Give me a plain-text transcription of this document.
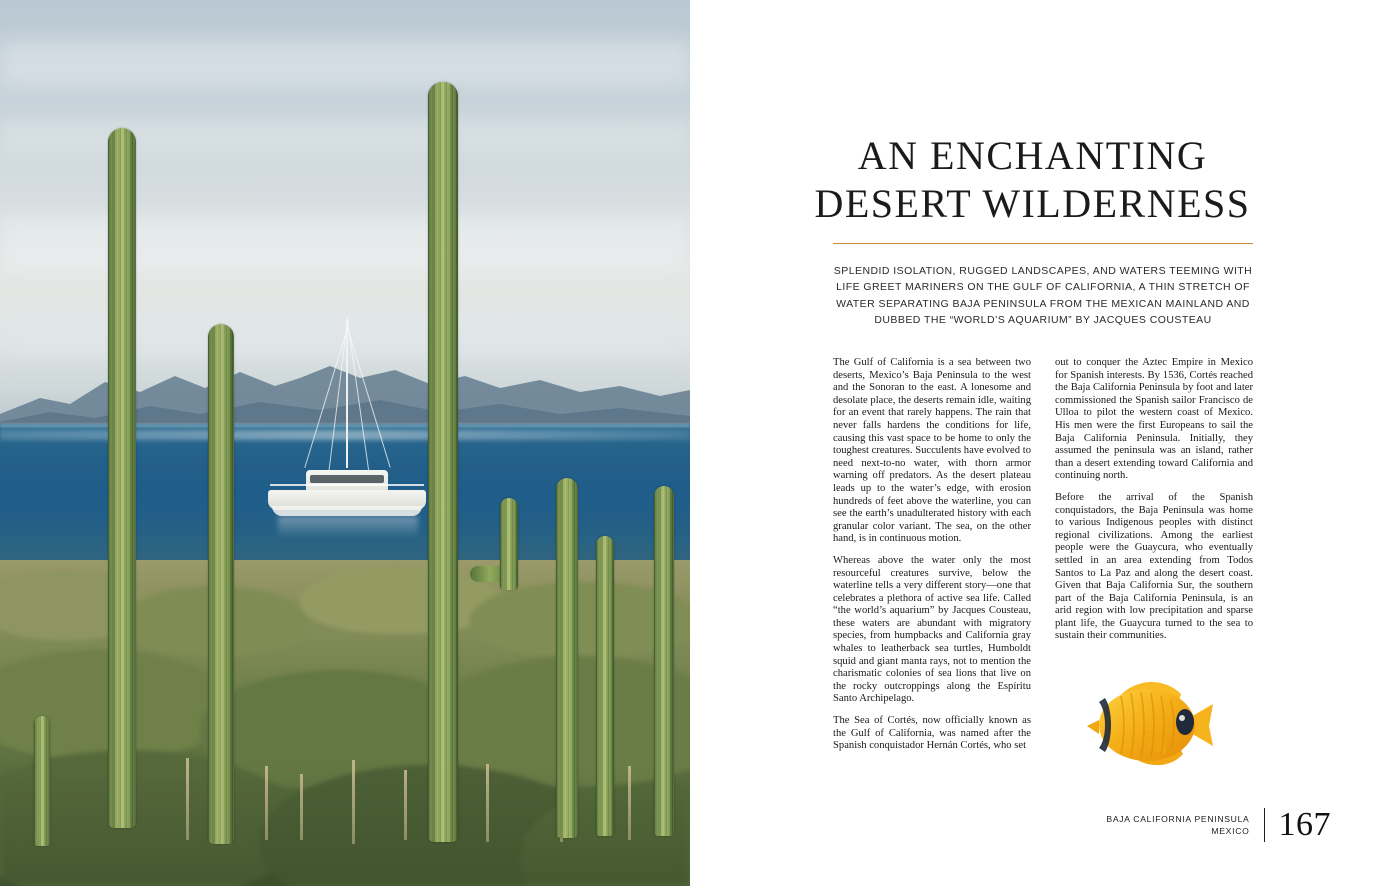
AN ENCHANTING
DESERT WILDERNESS
SPLENDID ISOLATION, RUGGED LANDSCAPES, AND WATERS TEEMING WITH LIFE GREET MARINERS ON THE GULF OF CALIFORNIA, A THIN STRETCH OF WATER SEPARATING BAJA PENINSULA FROM THE MEXICAN MAINLAND AND DUBBED THE “WORLD’S AQUARIUM” BY JACQUES COUSTEAU

The Gulf of California is a sea between two deserts, Mexico’s Baja Peninsula to the west and the Sonoran to the east. A lonesome and desolate place, the deserts remain idle, waiting for an event that rarely happens. The rain that never falls hardens the conditions for life, causing this vast space to be home to only the toughest creatures. Succulents have evolved to need next-to-no water, with thorn armor warning off predators. As the desert plateau leads up to the water’s edge, with erosion hundreds of feet above the waterline, you can see the earth’s unadulterated history with each granular color variant. The sea, on the other hand, is in continuous motion.

Whereas above the water only the most resourceful creatures survive, below the waterline tells a very different story—one that celebrates a plethora of active sea life. Called “the world’s aquarium” by Jacques Cousteau, these waters are abundant with migratory species, from humpbacks and California gray whales to leatherback sea turtles, Humboldt squid and giant manta rays, not to mention the charismatic colonies of sea lions that live on the rocky outcroppings along the Espíritu Santo Archipelago.

The Sea of Cortés, now officially known as the Gulf of California, was named after the Spanish conquistador Hernán Cortés, who set

out to conquer the Aztec Empire in Mexico for Spanish interests. By 1536, Cortés reached the Baja California Peninsula by foot and later commissioned the Spanish sailor Francisco de Ulloa to pilot the western coast of Mexico. His men were the first Europeans to sail the Baja California Peninsula. Initially, they assumed the peninsula was an island, rather than a desert extending toward California and continuing north.

Before the arrival of the Spanish conquistadors, the Baja Peninsula was home to various Indigenous peoples with distinct regional civilizations. Among the earliest people were the Guaycura, who eventually settled in an area extending from Todos Santos to La Paz and along the desert coast. Given that Baja California Sur, the southern part of the Baja California Peninsula, is an arid region with low precipitation and sparse plant life, the Guaycura turned to the sea to sustain their communities.

BAJA CALIFORNIA PENINSULA
MEXICO 167
